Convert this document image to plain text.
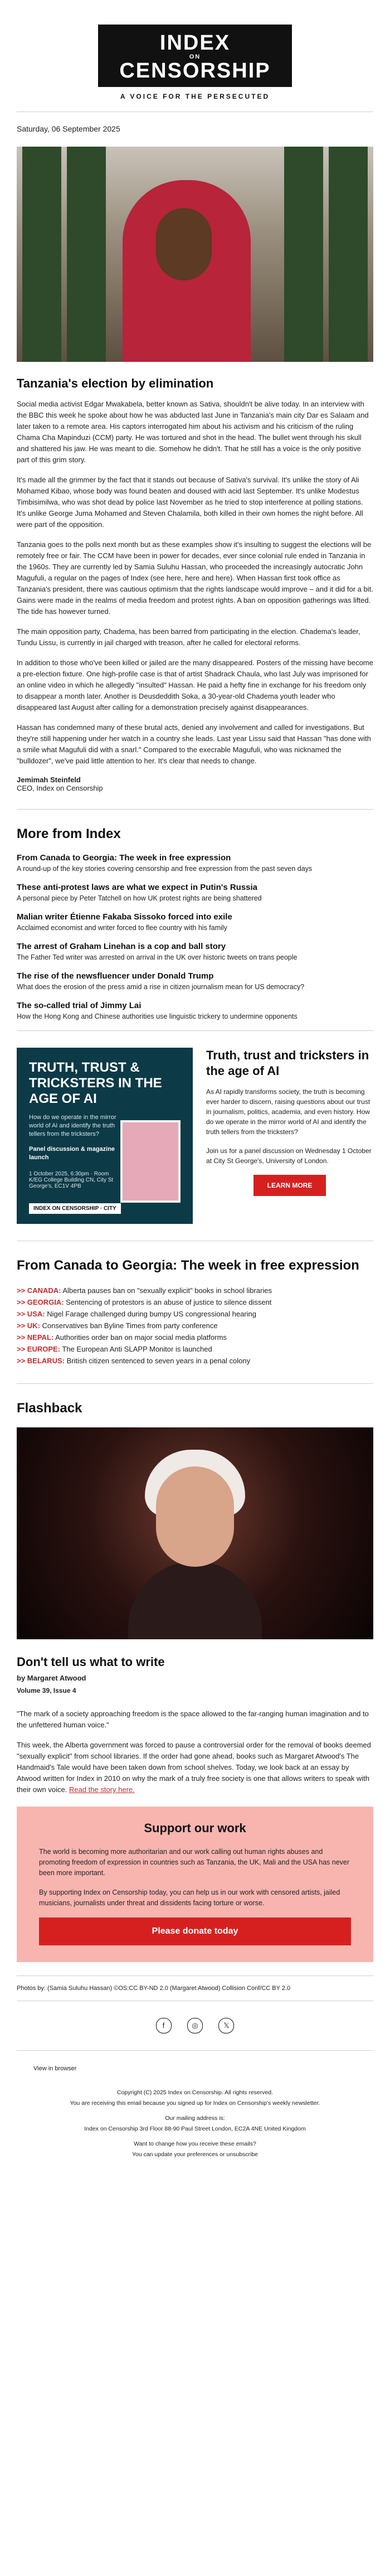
INDEX
ON
CENSORSHIP
A VOICE FOR THE PERSECUTED
Saturday, 06 September 2025
Tanzania's election by elimination

Social media activist Edgar Mwakabela, better known as Sativa, shouldn't be alive today. In an interview with the BBC this week he spoke about how he was abducted last June in Tanzania's main city Dar es Salaam and later taken to a remote area. His captors interrogated him about his activism and his criticism of the ruling Chama Cha Mapinduzi (CCM) party. He was tortured and shot in the head. The bullet went through his skull and shattered his jaw. He was meant to die. Somehow he didn't. That he still has a voice is the only positive part of this grim story.

It's made all the grimmer by the fact that it stands out because of Sativa's survival. It's unlike the story of Ali Mohamed Kibao, whose body was found beaten and doused with acid last September. It's unlike Modestus Timbisimilwa, who was shot dead by police last November as he tried to stop interference at polling stations. It's unlike George Juma Mohamed and Steven Chalamila, both killed in their own homes the night before. All were part of the opposition.

Tanzania goes to the polls next month but as these examples show it's insulting to suggest the elections will be remotely free or fair. The CCM have been in power for decades, ever since colonial rule ended in Tanzania in the 1960s. They are currently led by Samia Suluhu Hassan, who proceeded the increasingly autocratic John Magufuli, a regular on the pages of Index (see here, here and here). When Hassan first took office as Tanzania's president, there was cautious optimism that the rights landscape would improve – and it did for a bit. Gains were made in the realms of media freedom and protest rights. A ban on opposition gatherings was lifted. The tide has however turned.

The main opposition party, Chadema, has been barred from participating in the election. Chadema's leader, Tundu Lissu, is currently in jail charged with treason, after he called for electoral reforms.

In addition to those who've been killed or jailed are the many disappeared. Posters of the missing have become a pre-election fixture. One high-profile case is that of artist Shadrack Chaula, who last July was imprisoned for an online video in which he allegedly "insulted" Hassan. He paid a hefty fine in exchange for his freedom only to disappear a month later. Another is Deusdeddith Soka, a 30-year-old Chadema youth leader who disappeared last August after calling for a demonstration precisely against disappearances.

Hassan has condemned many of these brutal acts, denied any involvement and called for investigations. But they're still happening under her watch in a country she leads. Last year Lissu said that Hassan "has done with a smile what Magufuli did with a snarl." Compared to the execrable Magufuli, who was nicknamed the "bulldozer", we've paid little attention to her. It's clear that needs to change.

Jemimah Steinfeld
CEO, Index on Censorship
More from Index
From Canada to Georgia: The week in free expression
A round-up of the key stories covering censorship and free expression from the past seven days
These anti-protest laws are what we expect in Putin's Russia
A personal piece by Peter Tatchell on how UK protest rights are being shattered
Malian writer Étienne Fakaba Sissoko forced into exile
Acclaimed economist and writer forced to flee country with his family
The arrest of Graham Linehan is a cop and ball story
The Father Ted writer was arrested on arrival in the UK over historic tweets on trans people
The rise of the newsfluencer under Donald Trump
What does the erosion of the press amid a rise in citizen journalism mean for US democracy?
The so-called trial of Jimmy Lai
How the Hong Kong and Chinese authorities use linguistic trickery to undermine opponents
TRUTH, TRUST & TRICKSTERS IN THE AGE OF AI
How do we operate in the mirror world of AI and identify the truth tellers from the tricksters?
Panel discussion & magazine launch
1 October 2025, 6:30pm · Room K/EG College Building CN, City St George's, EC1V 4PB
INDEX ON CENSORSHIP · CITY
Truth, trust and tricksters in the age of AI

As AI rapidly transforms society, the truth is becoming ever harder to discern, raising questions about our trust in journalism, politics, academia, and even history. How do we operate in the mirror world of AI and identify the truth tellers from the tricksters?

Join us for a panel discussion on Wednesday 1 October at City St George's, University of London.

LEARN MORE
From Canada to Georgia: The week in free expression
>> CANADA: Alberta pauses ban on "sexually explicit" books in school libraries
>> GEORGIA: Sentencing of protestors is an abuse of justice to silence dissent
>> USA: Nigel Farage challenged during bumpy US congressional hearing
>> UK: Conservatives ban Byline Times from party conference
>> NEPAL: Authorities order ban on major social media platforms
>> EUROPE: The European Anti SLAPP Monitor is launched
>> BELARUS: British citizen sentenced to seven years in a penal colony
Flashback
Don't tell us what to write

by Margaret Atwood

Volume 39, Issue 4

"The mark of a society approaching freedom is the space allowed to the far-ranging human imagination and to the unfettered human voice."

This week, the Alberta government was forced to pause a controversial order for the removal of books deemed "sexually explicit" from school libraries. If the order had gone ahead, books such as Margaret Atwood's The Handmaid's Tale would have been taken down from school shelves. Today, we look back at an essay by Atwood written for Index in 2010 on why the mark of a truly free society is one that allows writers to speak with their own voice. Read the story here.

Support our work

The world is becoming more authoritarian and our work calling out human rights abuses and promoting freedom of expression in countries such as Tanzania, the UK, Mali and the USA has never been more important.

By supporting Index on Censorship today, you can help us in our work with censored artists, jailed musicians, journalists under threat and dissidents facing torture or worse.

Please donate today
Photos by: (Samia Suluhu Hassan) ©OS:CC BY-ND 2.0 (Margaret Atwood) Collision Conf/CC BY 2.0
f	◎	𝕏
View in browser
Copyright (C) 2025 Index on Censorship. All rights reserved.
You are receiving this email because you signed up for Index on Censorship's weekly newsletter.
Our mailing address is:
Index on Censorship 3rd Floor 88-90 Paul Street London, EC2A 4NE United Kingdom
Want to change how you receive these emails?
You can update your preferences or unsubscribe
